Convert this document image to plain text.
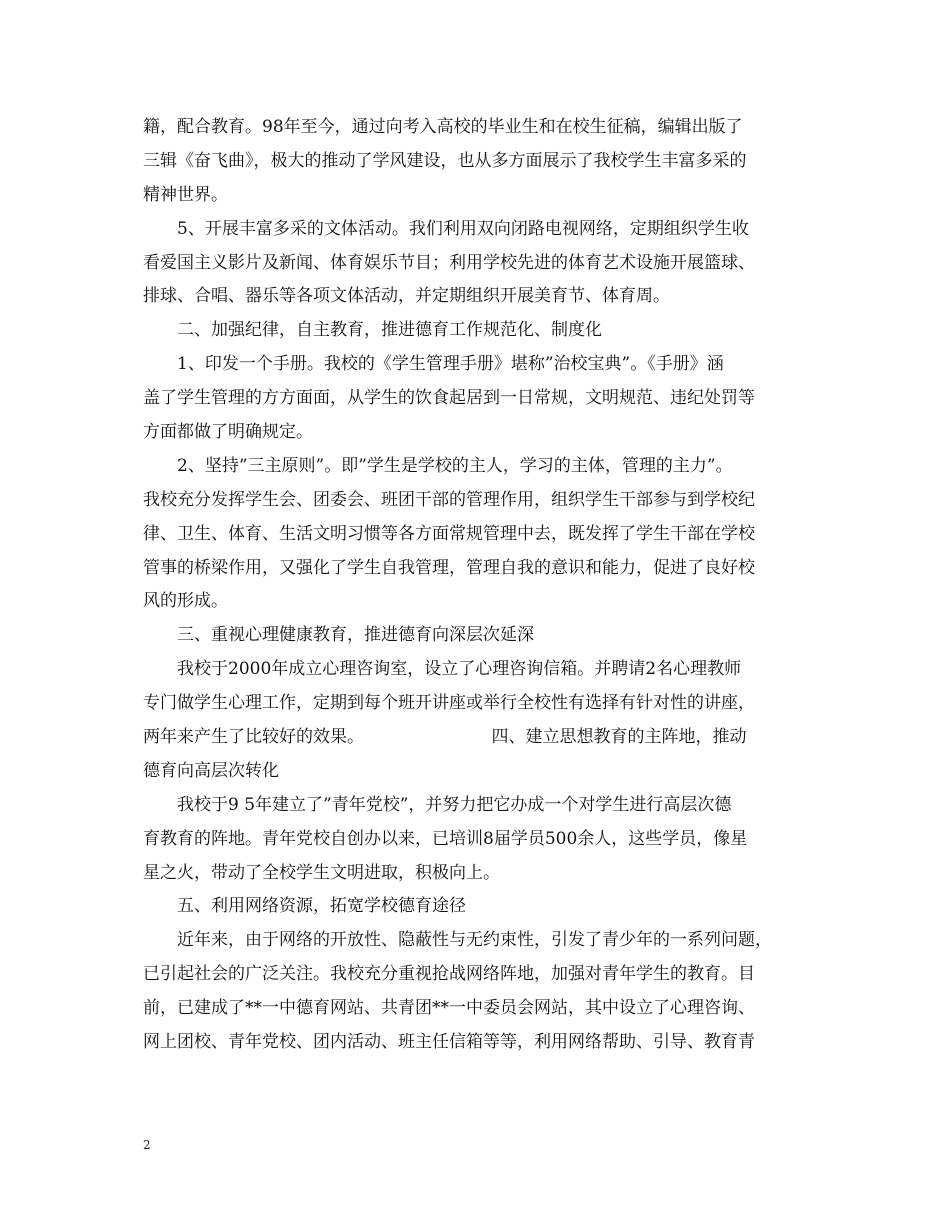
籍，配合教育。98年至今，通过向考入高校的毕业生和在校生征稿，编辑出版了
三辑《奋飞曲》，极大的推动了学风建设，也从多方面展示了我校学生丰富多采的
精神世界。
　　5、开展丰富多采的文体活动。我们利用双向闭路电视网络，定期组织学生收
看爱国主义影片及新闻、体育娱乐节目；利用学校先进的体育艺术设施开展篮球、
排球、合唱、器乐等各项文体活动，并定期组织开展美育节、体育周。
　　二、加强纪律，自主教育，推进德育工作规范化、制度化
　　1、印发一个手册。我校的《学生管理手册》堪称”治校宝典”。《手册》涵
盖了学生管理的方方面面，从学生的饮食起居到一日常规，文明规范、违纪处罚等
方面都做了明确规定。
　　2、坚持”三主原则”。即”学生是学校的主人，学习的主体，管理的主力”。
我校充分发挥学生会、团委会、班团干部的管理作用，组织学生干部参与到学校纪
律、卫生、体育、生活文明习惯等各方面常规管理中去，既发挥了学生干部在学校
管事的桥梁作用，又强化了学生自我管理，管理自我的意识和能力，促进了良好校
风的形成。
　　三、重视心理健康教育，推进德育向深层次延深
　　我校于2000年成立心理咨询室，设立了心理咨询信箱。并聘请2名心理教师
专门做学生心理工作，定期到每个班开讲座或举行全校性有选择有针对性的讲座，
两年来产生了比较好的效果。　　　　　　　　四、建立思想教育的主阵地，推动
德育向高层次转化
　　我校于9 5年建立了”青年党校”，并努力把它办成一个对学生进行高层次德
育教育的阵地。青年党校自创办以来，已培训8届学员500余人，这些学员，像星
星之火，带动了全校学生文明进取，积极向上。
　　五、利用网络资源，拓宽学校德育途径
　　近年来，由于网络的开放性、隐蔽性与无约束性，引发了青少年的一系列问题，
已引起社会的广泛关注。我校充分重视抢战网络阵地，加强对青年学生的教育。目
前，已建成了**一中德育网站、共青团**一中委员会网站，其中设立了心理咨询、
网上团校、青年党校、团内活动、班主任信箱等等，利用网络帮助、引导、教育青
2
